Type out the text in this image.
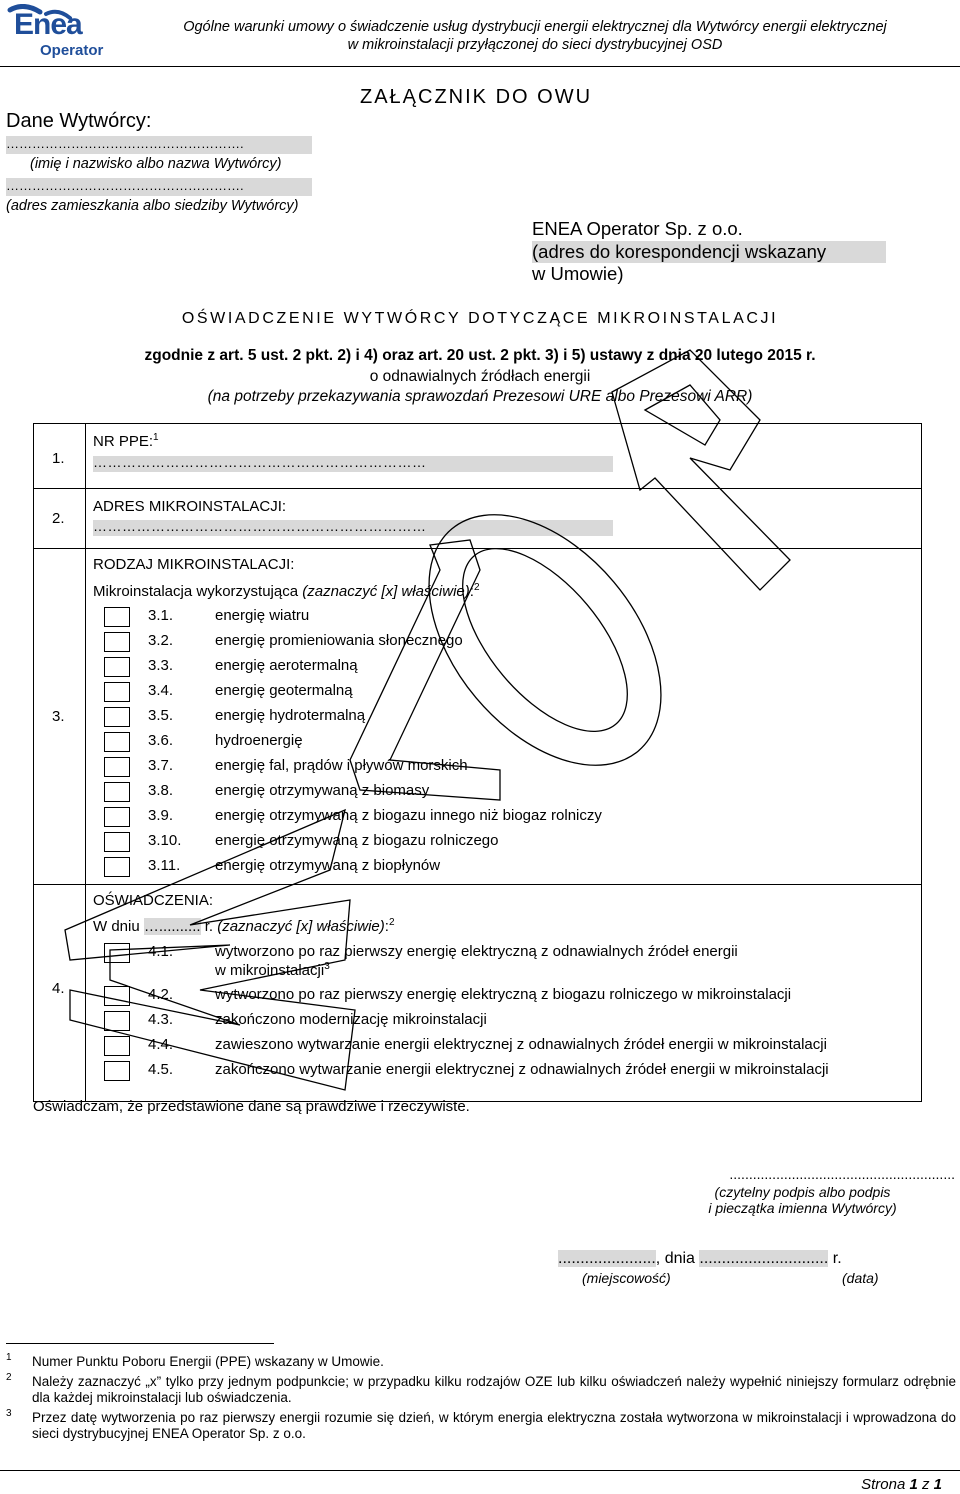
Enea
Operator
Ogólne warunki umowy o świadczenie usług dystrybucji energii elektrycznej dla Wytwórcy energii elektrycznej
w mikroinstalacji przyłączonej do sieci dystrybucyjnej OSD
ZAŁĄCZNIK DO OWU
Dane Wytwórcy:
……………………………………………….
(imię i nazwisko albo nazwa Wytwórcy)
……………………………………………….
(adres zamieszkania albo siedziby Wytwórcy)
ENEA Operator Sp. z o.o.
(adres do korespondencji wskazany
w Umowie)
OŚWIADCZENIE WYTWÓRCY DOTYCZĄCE MIKROINSTALACJI
zgodnie z art. 5 ust. 2 pkt. 2) i 4) oraz art. 20 ust. 2 pkt. 3) i 5) ustawy z dnia 20 lutego 2015 r.
o odnawialnych źródłach energii
(na potrzeby przekazywania sprawozdań Prezesowi URE albo Prezesowi ARR)
1.
NR PPE:$^1$
……………………………………………………………
2.
ADRES MIKROINSTALACJI:
……………………………………………………………
3.
RODZAJ MIKROINSTALACJI:
Mikroinstalacja wykorzystująca (zaznaczyć [x] właściwie):$^2$
3.1.	energię wiatru
3.2.	energię promieniowania słonecznego
3.3.	energię aerotermalną
3.4.	energię geotermalną
3.5.	energię hydrotermalną
3.6.	hydroenergię
3.7.	energię fal, prądów i pływów morskich
3.8.	energię otrzymywaną z biomasy
3.9.	energię otrzymywaną z biogazu innego niż biogaz rolniczy
3.10. energię otrzymywaną z biogazu rolniczego
3.11. energię otrzymywaną z biopłynów
4.
OŚWIADCZENIA:
W dniu ….......... r. (zaznaczyć [x] właściwie):$^2$
4.1.	wytworzono po raz pierwszy energię elektryczną z odnawialnych źródeł energii
w mikroinstalacji$^3$
4.2.	wytworzono po raz pierwszy energię elektryczną z biogazu rolniczego w mikroinstalacji
4.3.	zakończono modernizację mikroinstalacji
4.4.	zawieszono wytwarzanie energii elektrycznej z odnawialnych źródeł energii w mikroinstalacji
4.5.	zakończono wytwarzanie energii elektrycznej z odnawialnych źródeł energii w mikroinstalacji
Oświadczam, że przedstawione dane są prawdziwe i rzeczywiste.
..........................................................
(czytelny podpis albo podpis
i pieczątka imienna Wytwórcy)
......................, dnia ............................. r.
(miejscowość)	(data)
1 Numer Punktu Poboru Energii (PPE) wskazany w Umowie.
2 Należy zaznaczyć „x” tylko przy jednym podpunkcie; w przypadku kilku rodzajów OZE lub kilku oświadczeń należy wypełnić niniejszy formularz odrębnie dla każdej mikroinstalacji lub oświadczenia.
3 Przez datę wytworzenia po raz pierwszy energii rozumie się dzień, w którym energia elektryczna została wytworzona w mikroinstalacji i wprowadzona do sieci dystrybucyjnej ENEA Operator Sp. z o.o.
Strona 1 z 1
